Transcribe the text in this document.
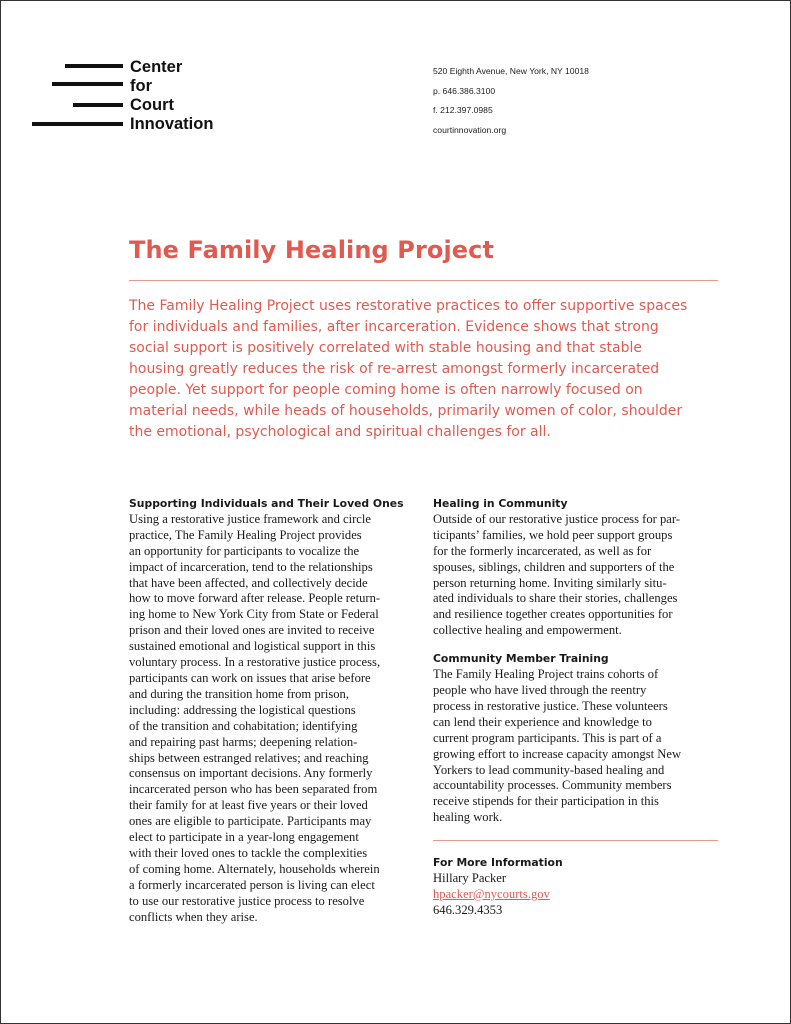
Center
for
Court
Innovation
520 Eighth Avenue, New York, NY 10018
p. 646.386.3100
f. 212.397.0985
courtinnovation.org
The Family Healing Project
The Family Healing Project uses restorative practices to offer supportive spaces
for individuals and families, after incarceration. Evidence shows that strong
social support is positively correlated with stable housing and that stable
housing greatly reduces the risk of re-arrest amongst formerly incarcerated
people. Yet support for people coming home is often narrowly focused on
material needs, while heads of households, primarily women of color, shoulder
the emotional, psychological and spiritual challenges for all.
Supporting Individuals and Their Loved Ones
Using a restorative justice framework and circle
practice, The Family Healing Project provides
an opportunity for participants to vocalize the
impact of incarceration, tend to the relationships
that have been affected, and collectively decide
how to move forward after release. People return-
ing home to New York City from State or Federal
prison and their loved ones are invited to receive
sustained emotional and logistical support in this
voluntary process. In a restorative justice process,
participants can work on issues that arise before
and during the transition home from prison,
including: addressing the logistical questions
of the transition and cohabitation; identifying
and repairing past harms; deepening relation-
ships between estranged relatives; and reaching
consensus on important decisions. Any formerly
incarcerated person who has been separated from
their family for at least five years or their loved
ones are eligible to participate. Participants may
elect to participate in a year-long engagement
with their loved ones to tackle the complexities
of coming home. Alternately, households wherein
a formerly incarcerated person is living can elect
to use our restorative justice process to resolve
conflicts when they arise.
Healing in Community
Outside of our restorative justice process for par-
ticipants’ families, we hold peer support groups
for the formerly incarcerated, as well as for
spouses, siblings, children and supporters of the
person returning home. Inviting similarly situ-
ated individuals to share their stories, challenges
and resilience together creates opportunities for
collective healing and empowerment.
Community Member Training
The Family Healing Project trains cohorts of
people who have lived through the reentry
process in restorative justice. These volunteers
can lend their experience and knowledge to
current program participants. This is part of a
growing effort to increase capacity amongst New
Yorkers to lead community-based healing and
accountability processes. Community members
receive stipends for their participation in this
healing work.
For More Information
Hillary Packer
hpacker@nycourts.gov
646.329.4353
